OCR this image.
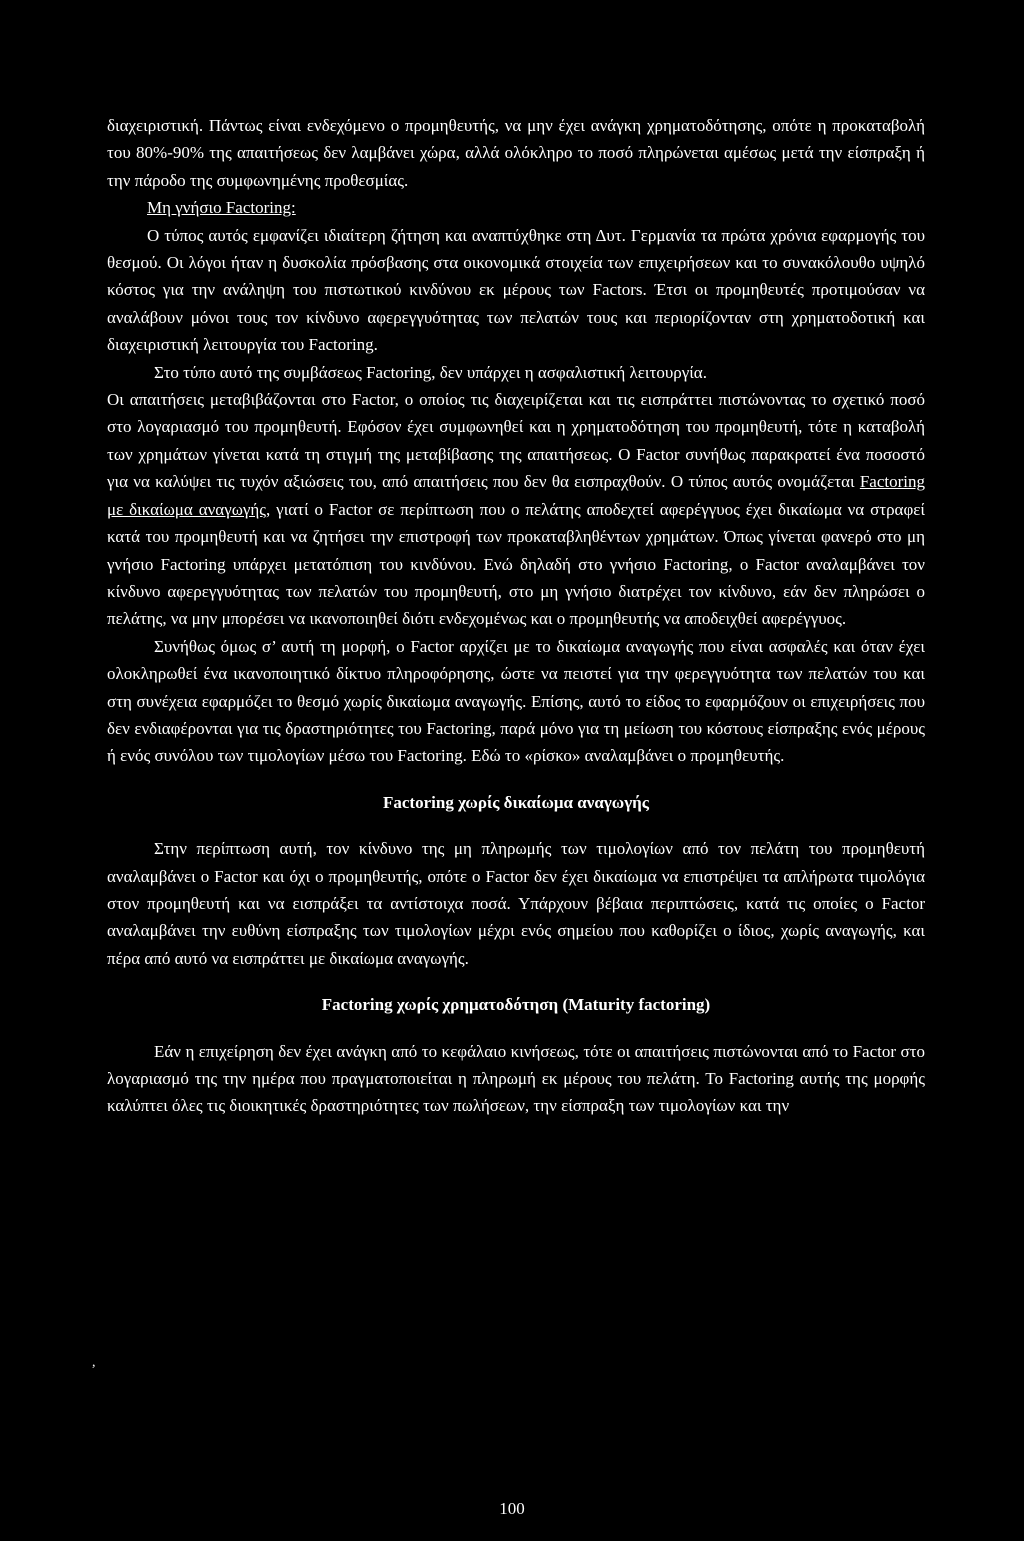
διαχειριστική. Πάντως είναι ενδεχόμενο ο προμηθευτής, να μην έχει ανάγκη χρηματοδότησης, οπότε η προκαταβολή του 80%-90% της απαιτήσεως δεν λαμβάνει χώρα, αλλά ολόκληρο το ποσό πληρώνεται αμέσως μετά την είσπραξη ή την πάροδο της συμφωνημένης προθεσμίας.

Μη γνήσιο Factoring:

Ο τύπος αυτός εμφανίζει ιδιαίτερη ζήτηση και αναπτύχθηκε στη Δυτ. Γερμανία τα πρώτα χρόνια εφαρμογής του θεσμού. Οι λόγοι ήταν η δυσκολία πρόσβασης στα οικονομικά στοιχεία των επιχειρήσεων και το συνακόλουθο υψηλό κόστος για την ανάληψη του πιστωτικού κινδύνου εκ μέρους των Factors. Έτσι οι προμηθευτές προτιμούσαν να αναλάβουν μόνοι τους τον κίνδυνο αφερεγγυότητας των πελατών τους και περιορίζονταν στη χρηματοδοτική και διαχειριστική λειτουργία του Factoring.

Στο τύπο αυτό της συμβάσεως Factoring, δεν υπάρχει η ασφαλιστική λειτουργία.

Οι απαιτήσεις μεταβιβάζονται στο Factor, ο οποίος τις διαχειρίζεται και τις εισπράττει πιστώνοντας το σχετικό ποσό στο λογαριασμό του προμηθευτή. Εφόσον έχει συμφωνηθεί και η χρηματοδότηση του προμηθευτή, τότε η καταβολή των χρημάτων γίνεται κατά τη στιγμή της μεταβίβασης της απαιτήσεως. Ο Factor συνήθως παρακρατεί ένα ποσοστό για να καλύψει τις τυχόν αξιώσεις του, από απαιτήσεις που δεν θα εισπραχθούν. Ο τύπος αυτός ονομάζεται Factoring με δικαίωμα αναγωγής, γιατί ο Factor σε περίπτωση που ο πελάτης αποδεχτεί αφερέγγυος έχει δικαίωμα να στραφεί κατά του προμηθευτή και να ζητήσει την επιστροφή των προκαταβληθέντων χρημάτων. Όπως γίνεται φανερό στο μη γνήσιο Factoring υπάρχει μετατόπιση του κινδύνου. Ενώ δηλαδή στο γνήσιο Factoring, ο Factor αναλαμβάνει τον κίνδυνο αφερεγγυότητας των πελατών του προμηθευτή, στο μη γνήσιο διατρέχει τον κίνδυνο, εάν δεν πληρώσει ο πελάτης, να μην μπορέσει να ικανοποιηθεί διότι ενδεχομένως και ο προμηθευτής να αποδειχθεί αφερέγγυος.

Συνήθως όμως σ’ αυτή τη μορφή, ο Factor αρχίζει με το δικαίωμα αναγωγής που είναι ασφαλές και όταν έχει ολοκληρωθεί ένα ικανοποιητικό δίκτυο πληροφόρησης, ώστε να πειστεί για την φερεγγυότητα των πελατών του και στη συνέχεια εφαρμόζει το θεσμό χωρίς δικαίωμα αναγωγής. Επίσης, αυτό το είδος το εφαρμόζουν οι επιχειρήσεις που δεν ενδιαφέρονται για τις δραστηριότητες του Factoring, παρά μόνο για τη μείωση του κόστους είσπραξης ενός μέρους ή ενός συνόλου των τιμολογίων μέσω του Factoring. Εδώ το «ρίσκο» αναλαμβάνει ο προμηθευτής.

Factoring χωρίς δικαίωμα αναγωγής

Στην περίπτωση αυτή, τον κίνδυνο της μη πληρωμής των τιμολογίων από τον πελάτη του προμηθευτή αναλαμβάνει ο Factor και όχι ο προμηθευτής, οπότε ο Factor δεν έχει δικαίωμα να επιστρέψει τα απλήρωτα τιμολόγια στον προμηθευτή και να εισπράξει τα αντίστοιχα ποσά. Υπάρχουν βέβαια περιπτώσεις, κατά τις οποίες ο Factor αναλαμβάνει την ευθύνη είσπραξης των τιμολογίων μέχρι ενός σημείου που καθορίζει ο ίδιος, χωρίς αναγωγής, και πέρα από αυτό να εισπράττει με δικαίωμα αναγωγής.

Factoring χωρίς χρηματοδότηση (Maturity factoring)

Εάν η επιχείρηση δεν έχει ανάγκη από το κεφάλαιο κινήσεως, τότε οι απαιτήσεις πιστώνονται από το Factor στο λογαριασμό της την ημέρα που πραγματοποιείται η πληρωμή εκ μέρους του πελάτη. Το Factoring αυτής της μορφής καλύπτει όλες τις διοικητικές δραστηριότητες των πωλήσεων, την είσπραξη των τιμολογίων και την

,
100
